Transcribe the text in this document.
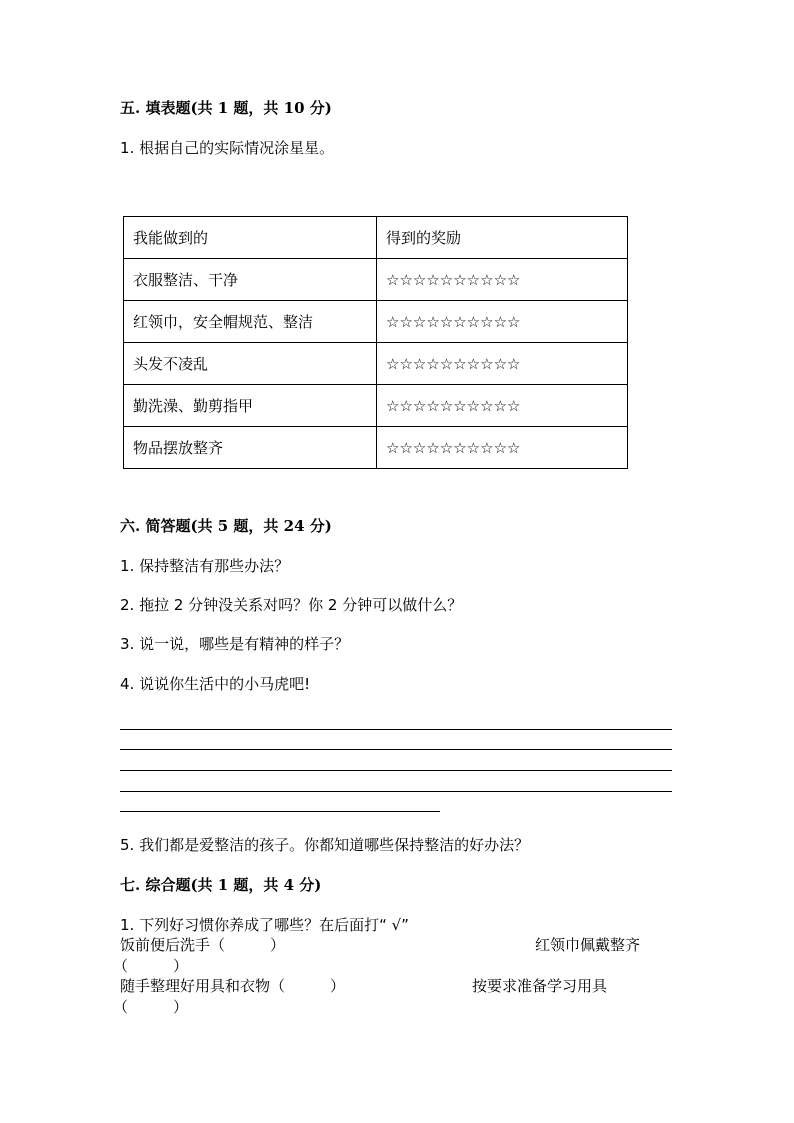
五. 填表题(共 1 题，共 10 分)
1. 根据自己的实际情况涂星星。
我能做到的	得到的奖励
衣服整洁、干净	☆☆☆☆☆☆☆☆☆☆
红领巾，安全帽规范、整洁	☆☆☆☆☆☆☆☆☆☆
头发不凌乱	☆☆☆☆☆☆☆☆☆☆
勤洗澡、勤剪指甲	☆☆☆☆☆☆☆☆☆☆
物品摆放整齐	☆☆☆☆☆☆☆☆☆☆
六. 简答题(共 5 题，共 24 分)
1. 保持整洁有那些办法？
2. 拖拉 2 分钟没关系对吗？你 2 分钟可以做什么？
3. 说一说，哪些是有精神的样子？
4. 说说你生活中的小马虎吧!
5. 我们都是爱整洁的孩子。你都知道哪些保持整洁的好办法？
七. 综合题(共 1 题，共 4 分)
1. 下列好习惯你养成了哪些？在后面打“ √”
饭前便后洗手（　　　）	红领巾佩戴整齐
（　　　）
随手整理好用具和衣物（　　　）	按要求准备学习用具
（　　　）
